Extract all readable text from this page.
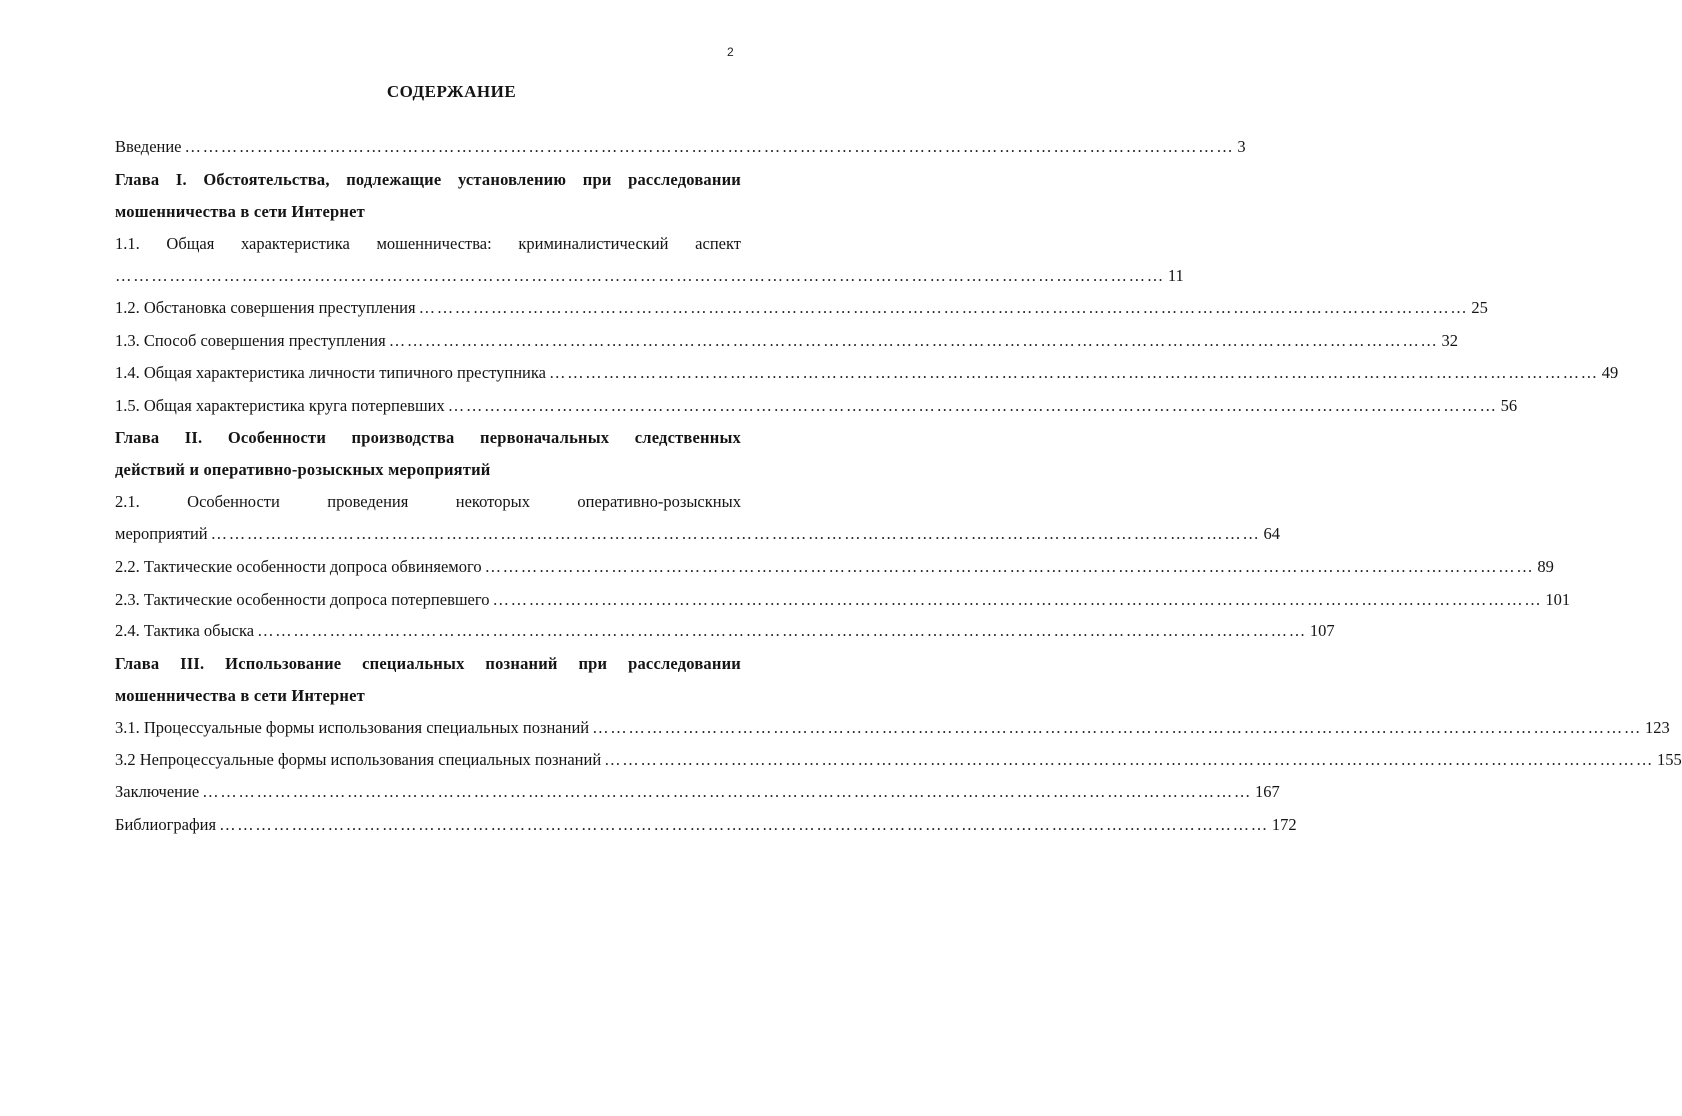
2
СОДЕРЖАНИЕ
Введение ………………………………………………………………………………………………………………………………………………………… 3
Глава I. Обстоятельства, подлежащие установлению при расследовании
мошенничества в сети Интернет
1.1. Общая характеристика мошенничества: криминалистический аспект
………………………………………………………………………………………………………………………………………………………… 11
1.2. Обстановка совершения преступления ………………………………………………………………………………………………………………………………………………………… 25
1.3. Способ совершения преступления ………………………………………………………………………………………………………………………………………………………… 32
1.4. Общая характеристика личности типичного преступника ………………………………………………………………………………………………………………………………………………………… 49
1.5. Общая характеристика круга потерпевших ………………………………………………………………………………………………………………………………………………………… 56
Глава II. Особенности производства первоначальных следственных
действий и оперативно-розыскных мероприятий
2.1.	Особенности	проведения	некоторых	оперативно-розыскных
мероприятий ………………………………………………………………………………………………………………………………………………………… 64
2.2. Тактические особенности допроса обвиняемого ………………………………………………………………………………………………………………………………………………………… 89
2.3. Тактические особенности допроса потерпевшего ………………………………………………………………………………………………………………………………………………………… 101
2.4. Тактика обыска ………………………………………………………………………………………………………………………………………………………… 107
Глава III. Использование специальных познаний при расследовании
мошенничества в сети Интернет
3.1. Процессуальные формы использования специальных познаний ………………………………………………………………………………………………………………………………………………………… 123
3.2 Непроцессуальные формы использования специальных познаний ………………………………………………………………………………………………………………………………………………………… 155
Заключение ………………………………………………………………………………………………………………………………………………………… 167
Библиография ………………………………………………………………………………………………………………………………………………………… 172
